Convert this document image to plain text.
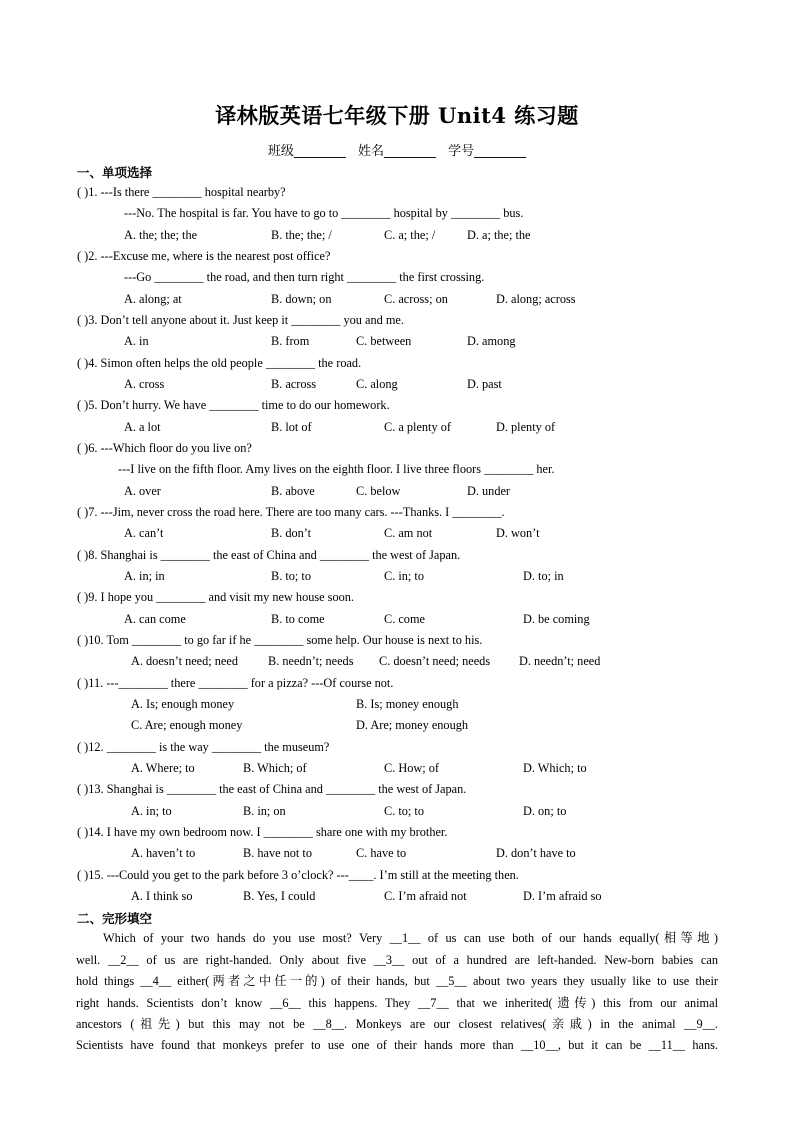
译林版英语七年级下册 Unit4 练习题
班级________ 姓名________ 学号________
一、单项选择
( )1. ---Is there ________ hospital nearby?
---No. The hospital is far. You have to go to ________ hospital by ________ bus.
A. the; the; the	B. the; the; /	C. a; the; /	D. a; the; the
( )2. ---Excuse me, where is the nearest post office?
---Go ________ the road, and then turn right ________ the first crossing.
A. along; at	B. down; on	C. across; on	D. along; across
( )3. Don’t tell anyone about it. Just keep it ________ you and me.
A. in	B. from	C. between	D. among
( )4. Simon often helps the old people ________ the road.
A. cross	B. across	C. along	D. past
( )5. Don’t hurry. We have ________ time to do our homework.
A. a lot	B. lot of	C. a plenty of	D. plenty of
( )6. ---Which floor do you live on?
---I live on the fifth floor. Amy lives on the eighth floor. I live three floors ________ her.
A. over	B. above	C. below	D. under
( )7. ---Jim, never cross the road here. There are too many cars. ---Thanks. I ________.
A. can’t	B. don’t	C. am not	D. won’t
( )8. Shanghai is ________ the east of China and ________ the west of Japan.
A. in; in	B. to; to	C. in; to	D. to; in
( )9. I hope you ________ and visit my new house soon.
A. can come	B. to come	C. come	D. be coming
( )10. Tom ________ to go far if he ________ some help. Our house is next to his.
A. doesn’t need; need B. needn’t; needs C. doesn’t need; needs D. needn’t; need
( )11. ---________ there ________ for a pizza? ---Of course not.
A. Is; enough money	B. Is; money enough
C. Are; enough money	D. Are; money enough
( )12. ________ is the way ________ the museum?
A. Where; to	B. Which; of	C. How; of	D. Which; to
( )13. Shanghai is ________ the east of China and ________ the west of Japan.
A. in; to	B. in; on	C. to; to	D. on; to
( )14. I have my own bedroom now. I ________ share one with my brother.
A. haven’t to	B. have not to	C. have to	D. don’t have to
( )15. ---Could you get to the park before 3 o’clock? ---____. I’m still at the meeting then.
A. I think so	B. Yes, I could	C. I’m afraid not	D. I’m afraid so
二、完形填空
Which of your two hands do you use most? Very __1__ of us can use both of our hands equally(相等地)
well. __2__ of us are right-handed. Only about five __3__ out of a hundred are left-handed. New-born babies can
hold things __4__ either(两者之中任一的) of their hands, but __5__ about two years they usually like to use their
right hands. Scientists don’t know __6__ this happens. They __7__ that we inherited(遗传) this from our animal
ancestors (祖先) but this may not be __8__. Monkeys are our closest relatives(亲戚) in the animal __9__.
Scientists have found that monkeys prefer to use one of their hands more than __10__, but it can be __11__ hans.
